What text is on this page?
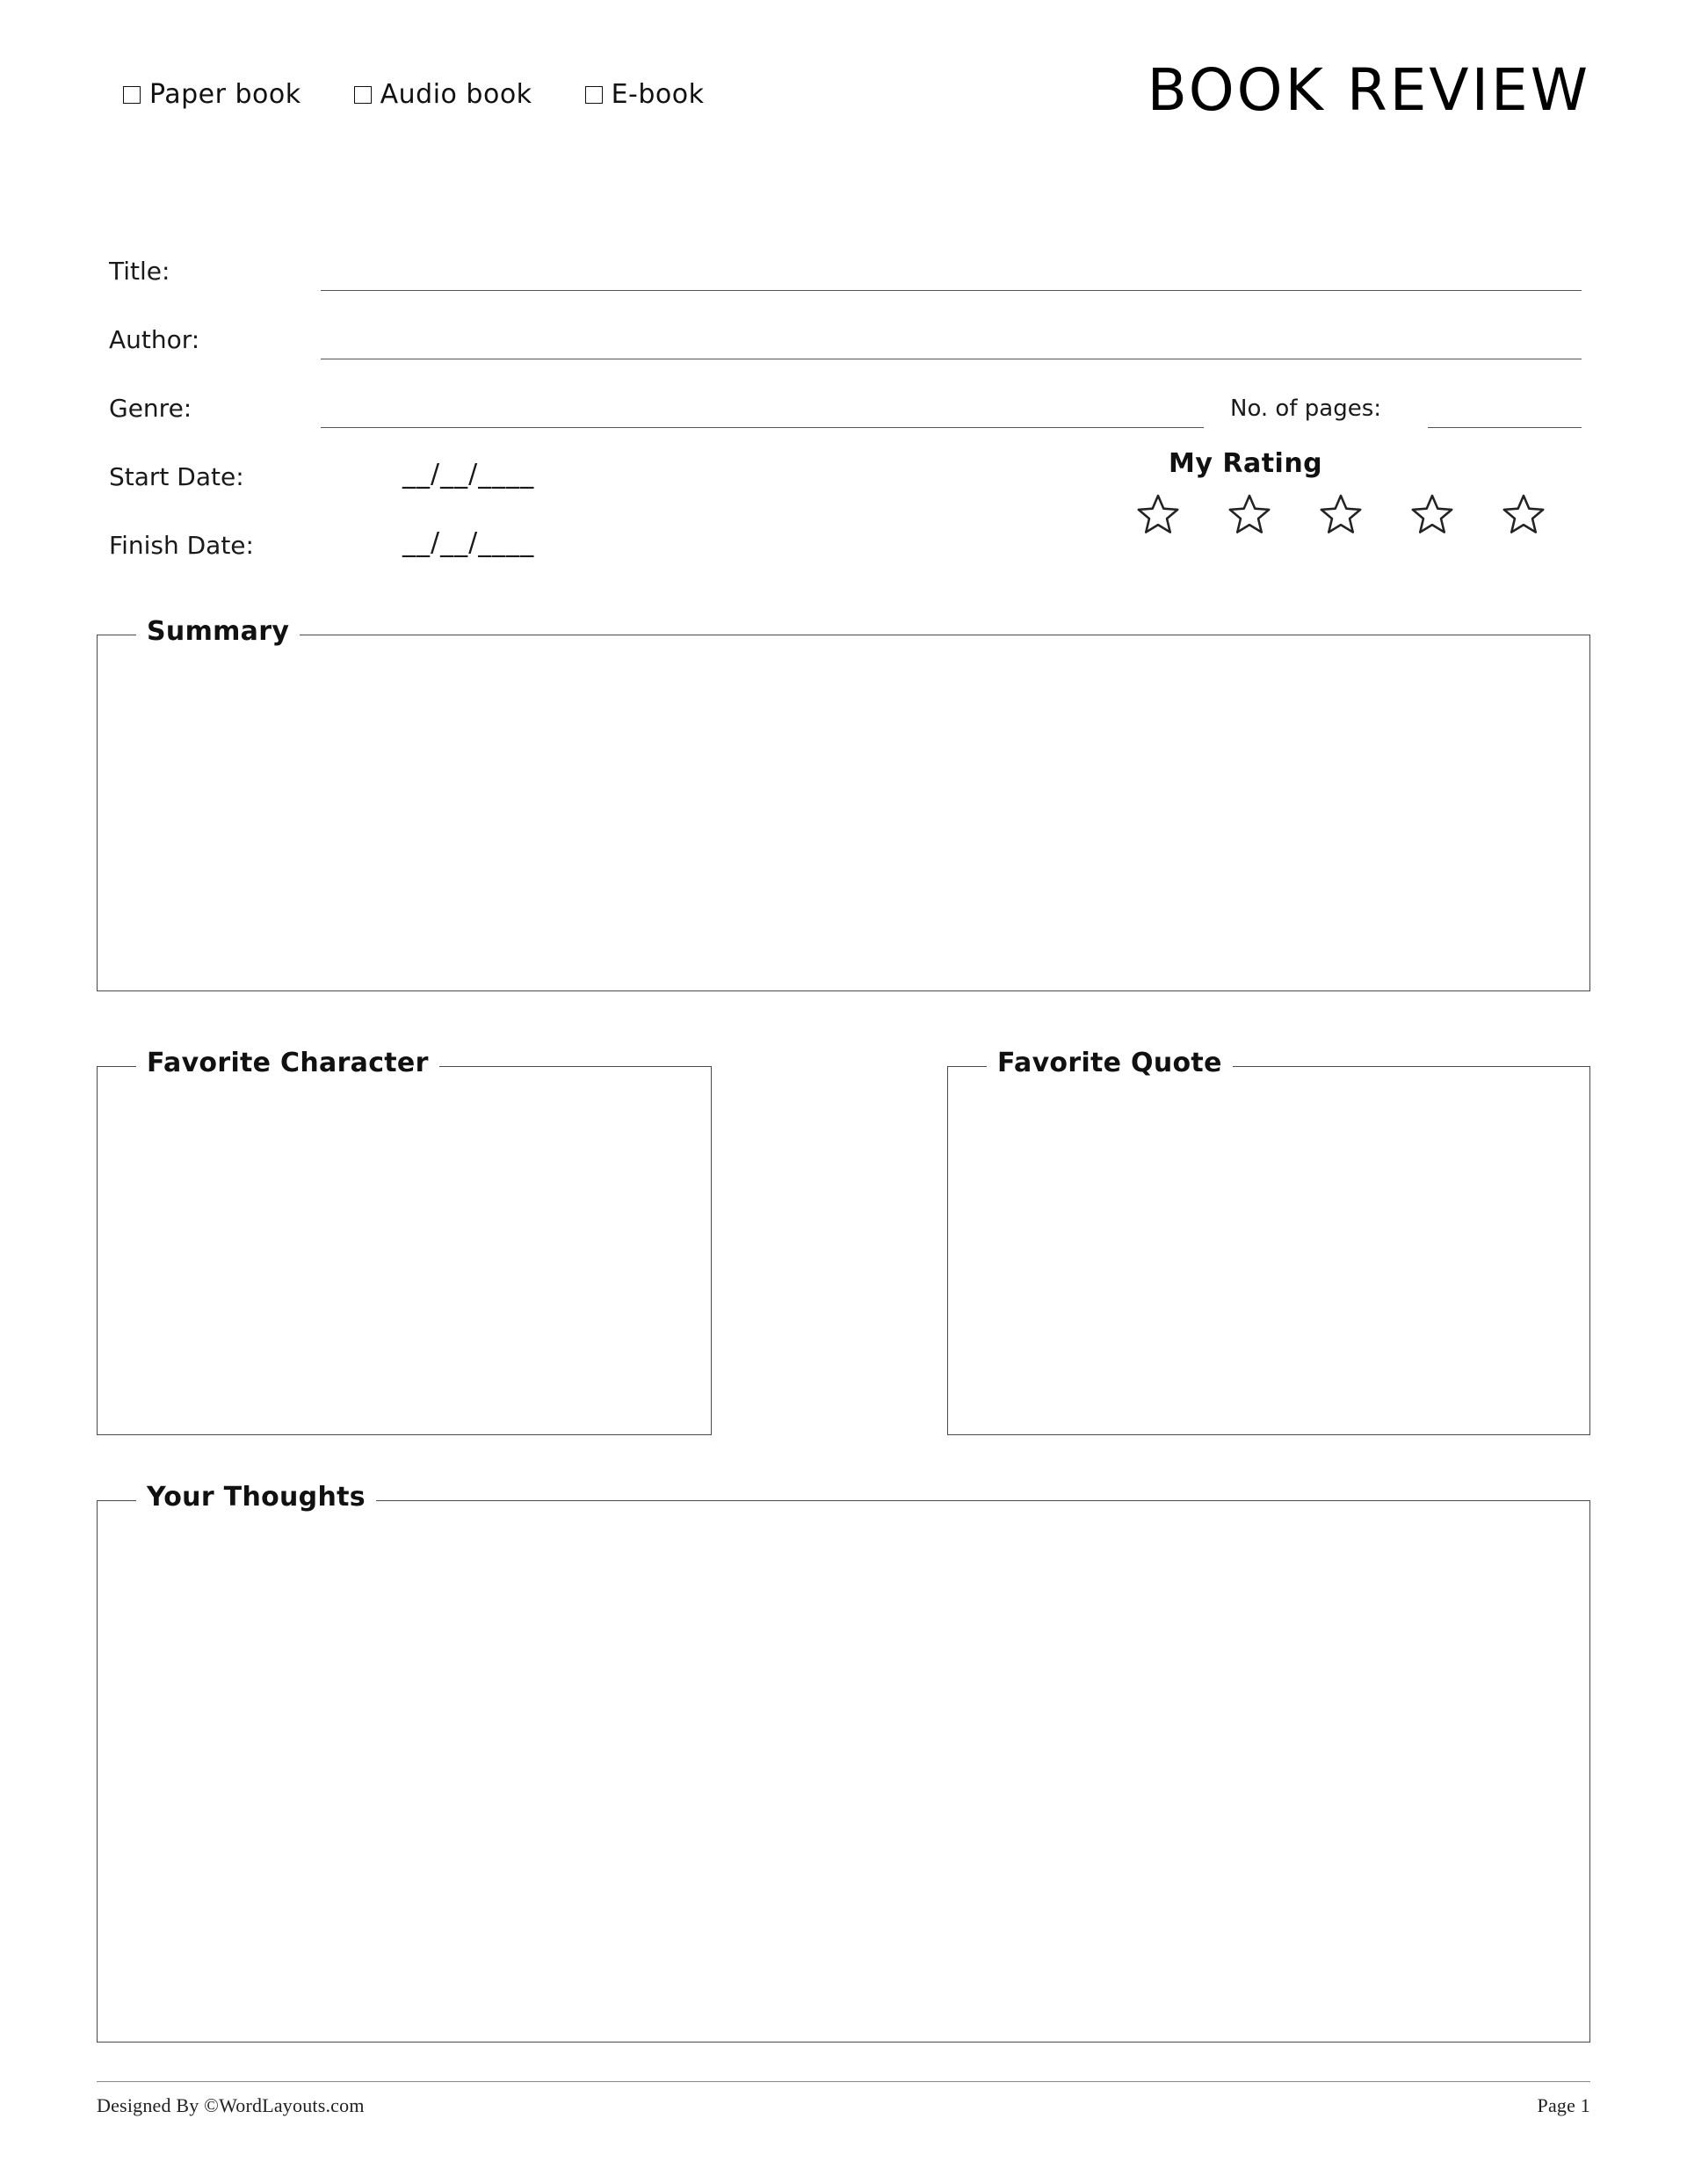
Paper book	Audio book	E-book	BOOK REVIEW
Title:
Author:
Genre:	No. of pages:
Start Date:	__/__/____
Finish Date:	__/__/____
My Rating
Summary
Favorite Character	Favorite Quote
Your Thoughts
Designed By ©WordLayouts.com	Page 1
